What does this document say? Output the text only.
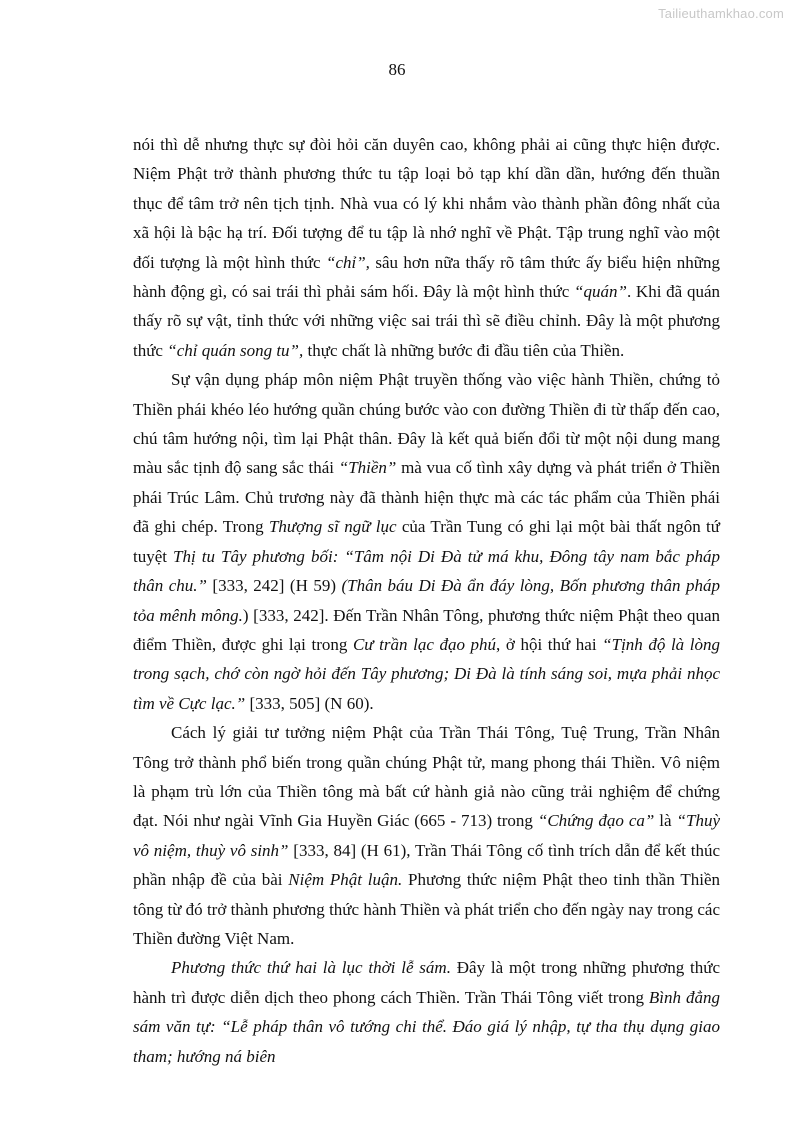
Tailieuthamkhao.com
86

nói thì dễ nhưng thực sự đòi hỏi căn duyên cao, không phải ai cũng thực hiện được. Niệm Phật trở thành phương thức tu tập loại bỏ tạp khí dần dần, hướng đến thuần thục để tâm trở nên tịch tịnh. Nhà vua có lý khi nhắm vào thành phần đông nhất của xã hội là bậc hạ trí. Đối tượng để tu tập là nhớ nghĩ về Phật. Tập trung nghĩ vào một đối tượng là một hình thức “chỉ”, sâu hơn nữa thấy rõ tâm thức ấy biểu hiện những hành động gì, có sai trái thì phải sám hối. Đây là một hình thức “quán”. Khi đã quán thấy rõ sự vật, tỉnh thức với những việc sai trái thì sẽ điều chỉnh. Đây là một phương thức “chỉ quán song tu”, thực chất là những bước đi đầu tiên của Thiền.

Sự vận dụng pháp môn niệm Phật truyền thống vào việc hành Thiền, chứng tỏ Thiền phái khéo léo hướng quần chúng bước vào con đường Thiền đi từ thấp đến cao, chú tâm hướng nội, tìm lại Phật thân. Đây là kết quả biến đổi từ một nội dung mang màu sắc tịnh độ sang sắc thái “Thiền” mà vua cố tình xây dựng và phát triển ở Thiền phái Trúc Lâm. Chủ trương này đã thành hiện thực mà các tác phẩm của Thiền phái đã ghi chép. Trong Thượng sĩ ngữ lục của Trần Tung có ghi lại một bài thất ngôn tứ tuyệt Thị tu Tây phương bối: “Tâm nội Di Đà tử má khu, Đông tây nam bắc pháp thân chu.” [333, 242] (H 59) (Thân báu Di Đà ẩn đáy lòng, Bốn phương thân pháp tỏa mênh mông.) [333, 242]. Đến Trần Nhân Tông, phương thức niệm Phật theo quan điểm Thiền, được ghi lại trong Cư trần lạc đạo phú, ở hội thứ hai “Tịnh độ là lòng trong sạch, chớ còn ngờ hỏi đến Tây phương; Di Đà là tính sáng soi, mựa phải nhọc tìm về Cực lạc.” [333, 505] (N 60).

Cách lý giải tư tưởng niệm Phật của Trần Thái Tông, Tuệ Trung, Trần Nhân Tông trở thành phổ biến trong quần chúng Phật tử, mang phong thái Thiền. Vô niệm là phạm trù lớn của Thiền tông mà bất cứ hành giả nào cũng trải nghiệm để chứng đạt. Nói như ngài Vĩnh Gia Huyền Giác (665 - 713) trong “Chứng đạo ca” là “Thuỳ vô niệm, thuỳ vô sinh” [333, 84] (H 61), Trần Thái Tông cố tình trích dẫn để kết thúc phần nhập đề của bài Niệm Phật luận. Phương thức niệm Phật theo tinh thần Thiền tông từ đó trở thành phương thức hành Thiền và phát triển cho đến ngày nay trong các Thiền đường Việt Nam.

Phương thức thứ hai là lục thời lễ sám. Đây là một trong những phương thức hành trì được diễn dịch theo phong cách Thiền. Trần Thái Tông viết trong Bình đẳng sám văn tự: “Lễ pháp thân vô tướng chi thể. Đáo giá lý nhập, tự tha thụ dụng giao tham; hướng ná biên
